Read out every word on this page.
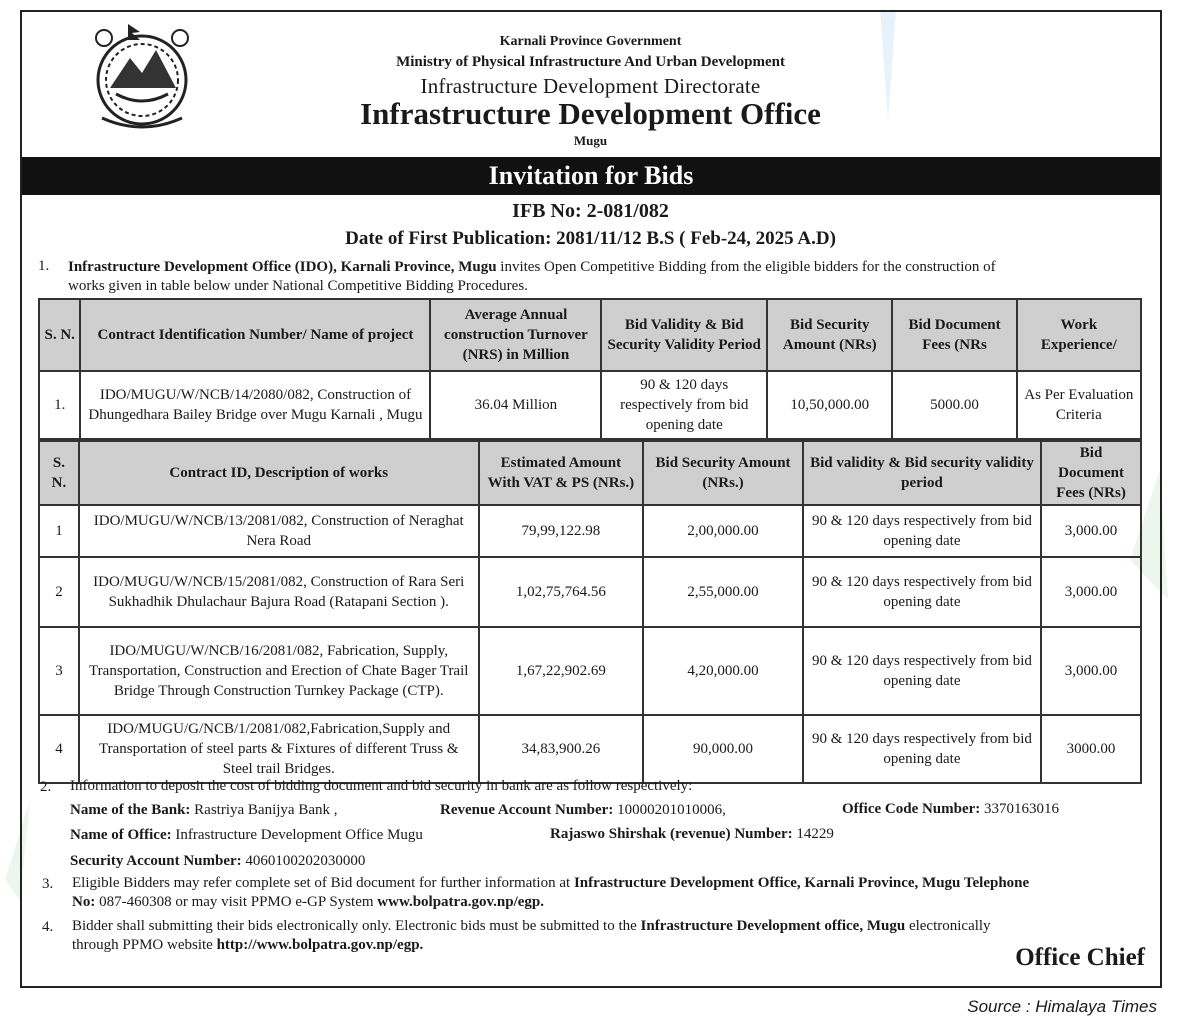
Karnali Province Government
Ministry of Physical Infrastructure And Urban Development
Infrastructure Development Directorate
Infrastructure Development Office
Mugu
Invitation for Bids
IFB No: 2-081/082
Date of First Publication: 2081/11/12 B.S ( Feb-24, 2025 A.D)
1. Infrastructure Development Office (IDO), Karnali Province, Mugu invites Open Competitive Bidding from the eligible bidders for the construction of
works given in table below under National Competitive Bidding Procedures.
S. N.	Contract Identification Number/ Name of project	Average Annual construction Turnover (NRS) in Million	Bid Validity & Bid Security Validity Period	Bid Security Amount (NRs)	Bid Document Fees (NRs	Work Experience/
1.	IDO/MUGU/W/NCB/14/2080/082, Construction of Dhungedhara Bailey Bridge over Mugu Karnali , Mugu	36.04 Million	90 & 120 days respectively from bid opening date	10,50,000.00	5000.00	As Per Evaluation Criteria
S. N.	Contract ID, Description of works	Estimated Amount With VAT & PS (NRs.)	Bid Security Amount (NRs.)	Bid validity & Bid security validity period	Bid Document Fees (NRs)
1	IDO/MUGU/W/NCB/13/2081/082, Construction of Neraghat Nera Road	79,99,122.98	2,00,000.00	90 & 120 days respectively from bid opening date	3,000.00
2	IDO/MUGU/W/NCB/15/2081/082, Construction of Rara Seri Sukhadhik Dhulachaur Bajura Road (Ratapani Section ).	1,02,75,764.56	2,55,000.00	90 & 120 days respectively from bid opening date	3,000.00
3	IDO/MUGU/W/NCB/16/2081/082, Fabrication, Supply, Transportation, Construction and Erection of Chate Bager Trail Bridge Through Construction Turnkey Package (CTP).	1,67,22,902.69	4,20,000.00	90 & 120 days respectively from bid opening date	3,000.00
4	IDO/MUGU/G/NCB/1/2081/082,Fabrication,Supply and Transportation of steel parts & Fixtures of different Truss & Steel trail Bridges.	34,83,900.26	90,000.00	90 & 120 days respectively from bid opening date	3000.00
2. Information to deposit the cost of bidding document and bid security in bank are as follow respectively:
Name of the Bank: Rastriya Banijya Bank ,	Revenue Account Number: 10000201010006,	Office Code Number: 3370163016
Name of Office: Infrastructure Development Office Mugu	Rajaswo Shirshak (revenue) Number: 14229
Security Account Number: 4060100202030000
3. Eligible Bidders may refer complete set of Bid document for further information at Infrastructure Development Office, Karnali Province, Mugu Telephone
No: 087-460308 or may visit PPMO e-GP System www.bolpatra.gov.np/egp.
4. Bidder shall submitting their bids electronically only. Electronic bids must be submitted to the Infrastructure Development office, Mugu electronically
through PPMO website http://www.bolpatra.gov.np/egp.	Office Chief
Source : Himalaya Times
